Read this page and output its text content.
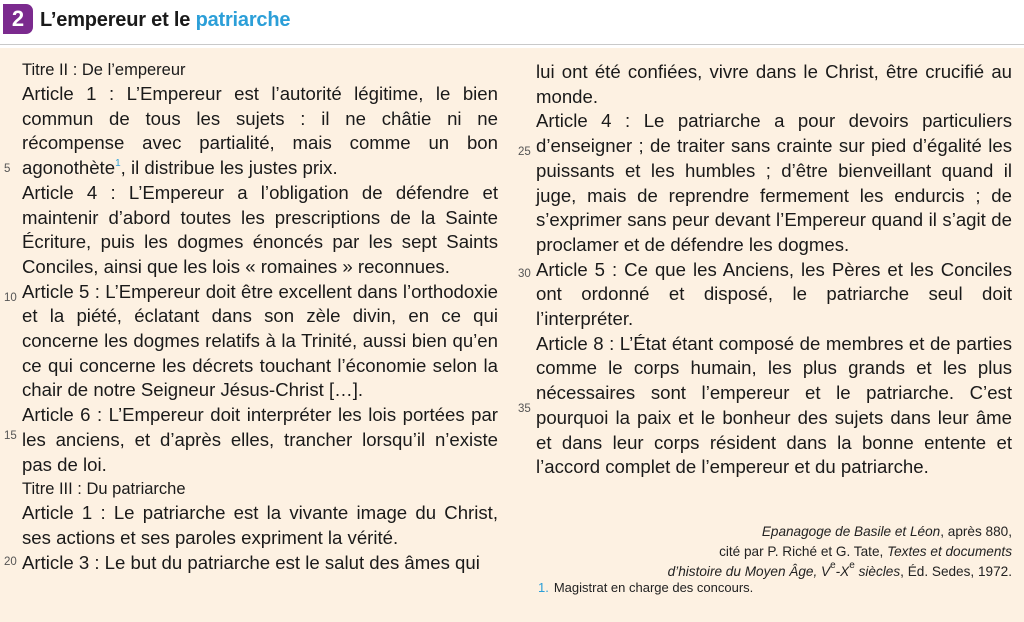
2 L’empereur et le patriarche

Titre II : De l’empereur

Article 1 : L’Empereur est l’autorité légitime, le bien commun de tous les sujets : il ne châtie ni ne récompense avec partialité, mais comme un bon agonothète$^1$, il distribue les justes prix.

Article 4 : L’Empereur a l’obligation de défendre et maintenir d’abord toutes les prescriptions de la Sainte Écriture, puis les dogmes énoncés par les sept Saints Conciles, ainsi que les lois « romaines » reconnues.

Article 5 : L’Empereur doit être excellent dans l’orthodoxie et la piété, éclatant dans son zèle divin, en ce qui concerne les dogmes relatifs à la Trinité, aussi bien qu’en ce qui concerne les décrets touchant l’économie selon la chair de notre Seigneur Jésus-Christ […].

Article 6 : L’Empereur doit interpréter les lois portées par les anciens, et d’après elles, trancher lorsqu’il n’existe pas de loi.

Titre III : Du patriarche

Article 1 : Le patriarche est la vivante image du Christ, ses actions et ses paroles expriment la vérité.

Article 3 : Le but du patriarche est le salut des âmes qui

lui ont été confiées, vivre dans le Christ, être crucifié au monde.

Article 4 : Le patriarche a pour devoirs particuliers d’enseigner ; de traiter sans crainte sur pied d’égalité les puissants et les humbles ; d’être bienveillant quand il juge, mais de reprendre fermement les endurcis ; de s’exprimer sans peur devant l’Empereur quand il s’agit de proclamer et de défendre les dogmes.

Article 5 : Ce que les Anciens, les Pères et les Conciles ont ordonné et disposé, le patriarche seul doit l’interpréter.

Article 8 : L’État étant composé de membres et de parties comme le corps humain, les plus grands et les plus nécessaires sont l’empereur et le patriarche. C’est pourquoi la paix et le bonheur des sujets dans leur âme et dans leur corps résident dans la bonne entente et l’accord complet de l’empereur et du patriarche.

5
10
15
20
25
30
35
Epanagoge de Basile et Léon, après 880,
cité par P. Riché et G. Tate, Textes et documents
d’histoire du Moyen Âge, Ve-Xe siècles, Éd. Sedes, 1972.
1. Magistrat en charge des concours.
